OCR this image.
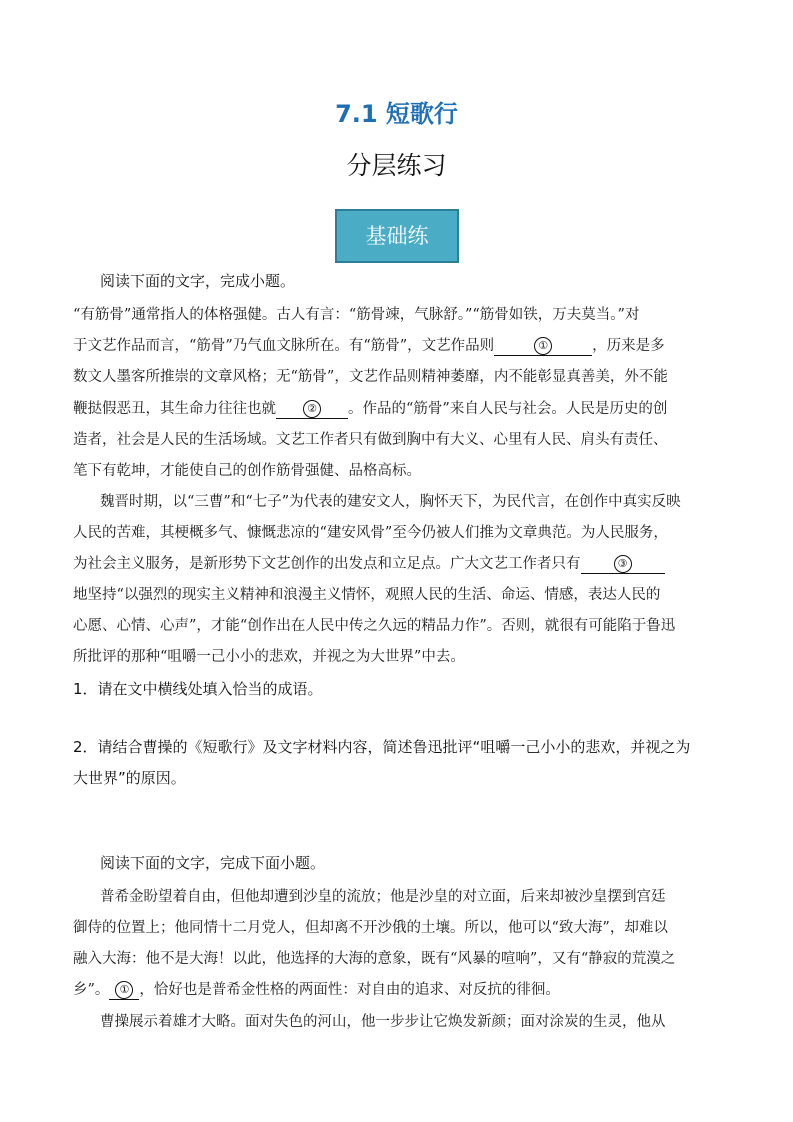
7.1 短歌行
分层练习
基础练
阅读下面的文字，完成小题。
“有筋骨”通常指人的体格强健。古人有言：“筋骨竦，气脉舒。”“筋骨如铁，万夫莫当。”对
于文艺作品而言，“筋骨”乃气血文脉所在。有“筋骨”，文艺作品则	①	，历来是多
数文人墨客所推崇的文章风格；无“筋骨”，文艺作品则精神萎靡，内不能彰显真善美，外不能
鞭挞假恶丑，其生命力往往也就	② 。作品的“筋骨”来自人民与社会。人民是历史的创
造者，社会是人民的生活场域。文艺工作者只有做到胸中有大义、心里有人民、肩头有责任、
笔下有乾坤，才能使自己的创作筋骨强健、品格高标。
魏晋时期，以“三曹”和“七子”为代表的建安文人，胸怀天下，为民代言，在创作中真实反映
人民的苦难，其梗概多气、慷慨悲凉的“建安风骨”至今仍被人们推为文章典范。为人民服务，
为社会主义服务，是新形势下文艺创作的出发点和立足点。广大文艺工作者只有	③
地坚持“以强烈的现实主义精神和浪漫主义情怀，观照人民的生活、命运、情感，表达人民的
心愿、心情、心声”，才能“创作出在人民中传之久远的精品力作”。否则，就很有可能陷于鲁迅
所批评的那种“咀嚼一己小小的悲欢，并视之为大世界”中去。
1．请在文中横线处填入恰当的成语。
2．请结合曹操的《短歌行》及文字材料内容，简述鲁迅批评“咀嚼一己小小的悲欢，并视之为
大世界”的原因。
阅读下面的文字，完成下面小题。
普希金盼望着自由，但他却遭到沙皇的流放；他是沙皇的对立面，后来却被沙皇摆到宫廷
御侍的位置上；他同情十二月党人，但却离不开沙俄的土壤。所以，他可以“致大海”，却难以
融入大海：他不是大海！以此，他选择的大海的意象，既有“风暴的喧响”，又有“静寂的荒漠之
乡”。 ① ，恰好也是普希金性格的两面性：对自由的追求、对反抗的徘徊。
曹操展示着雄才大略。面对失色的河山，他一步步让它焕发新颜；面对涂炭的生灵，他从
